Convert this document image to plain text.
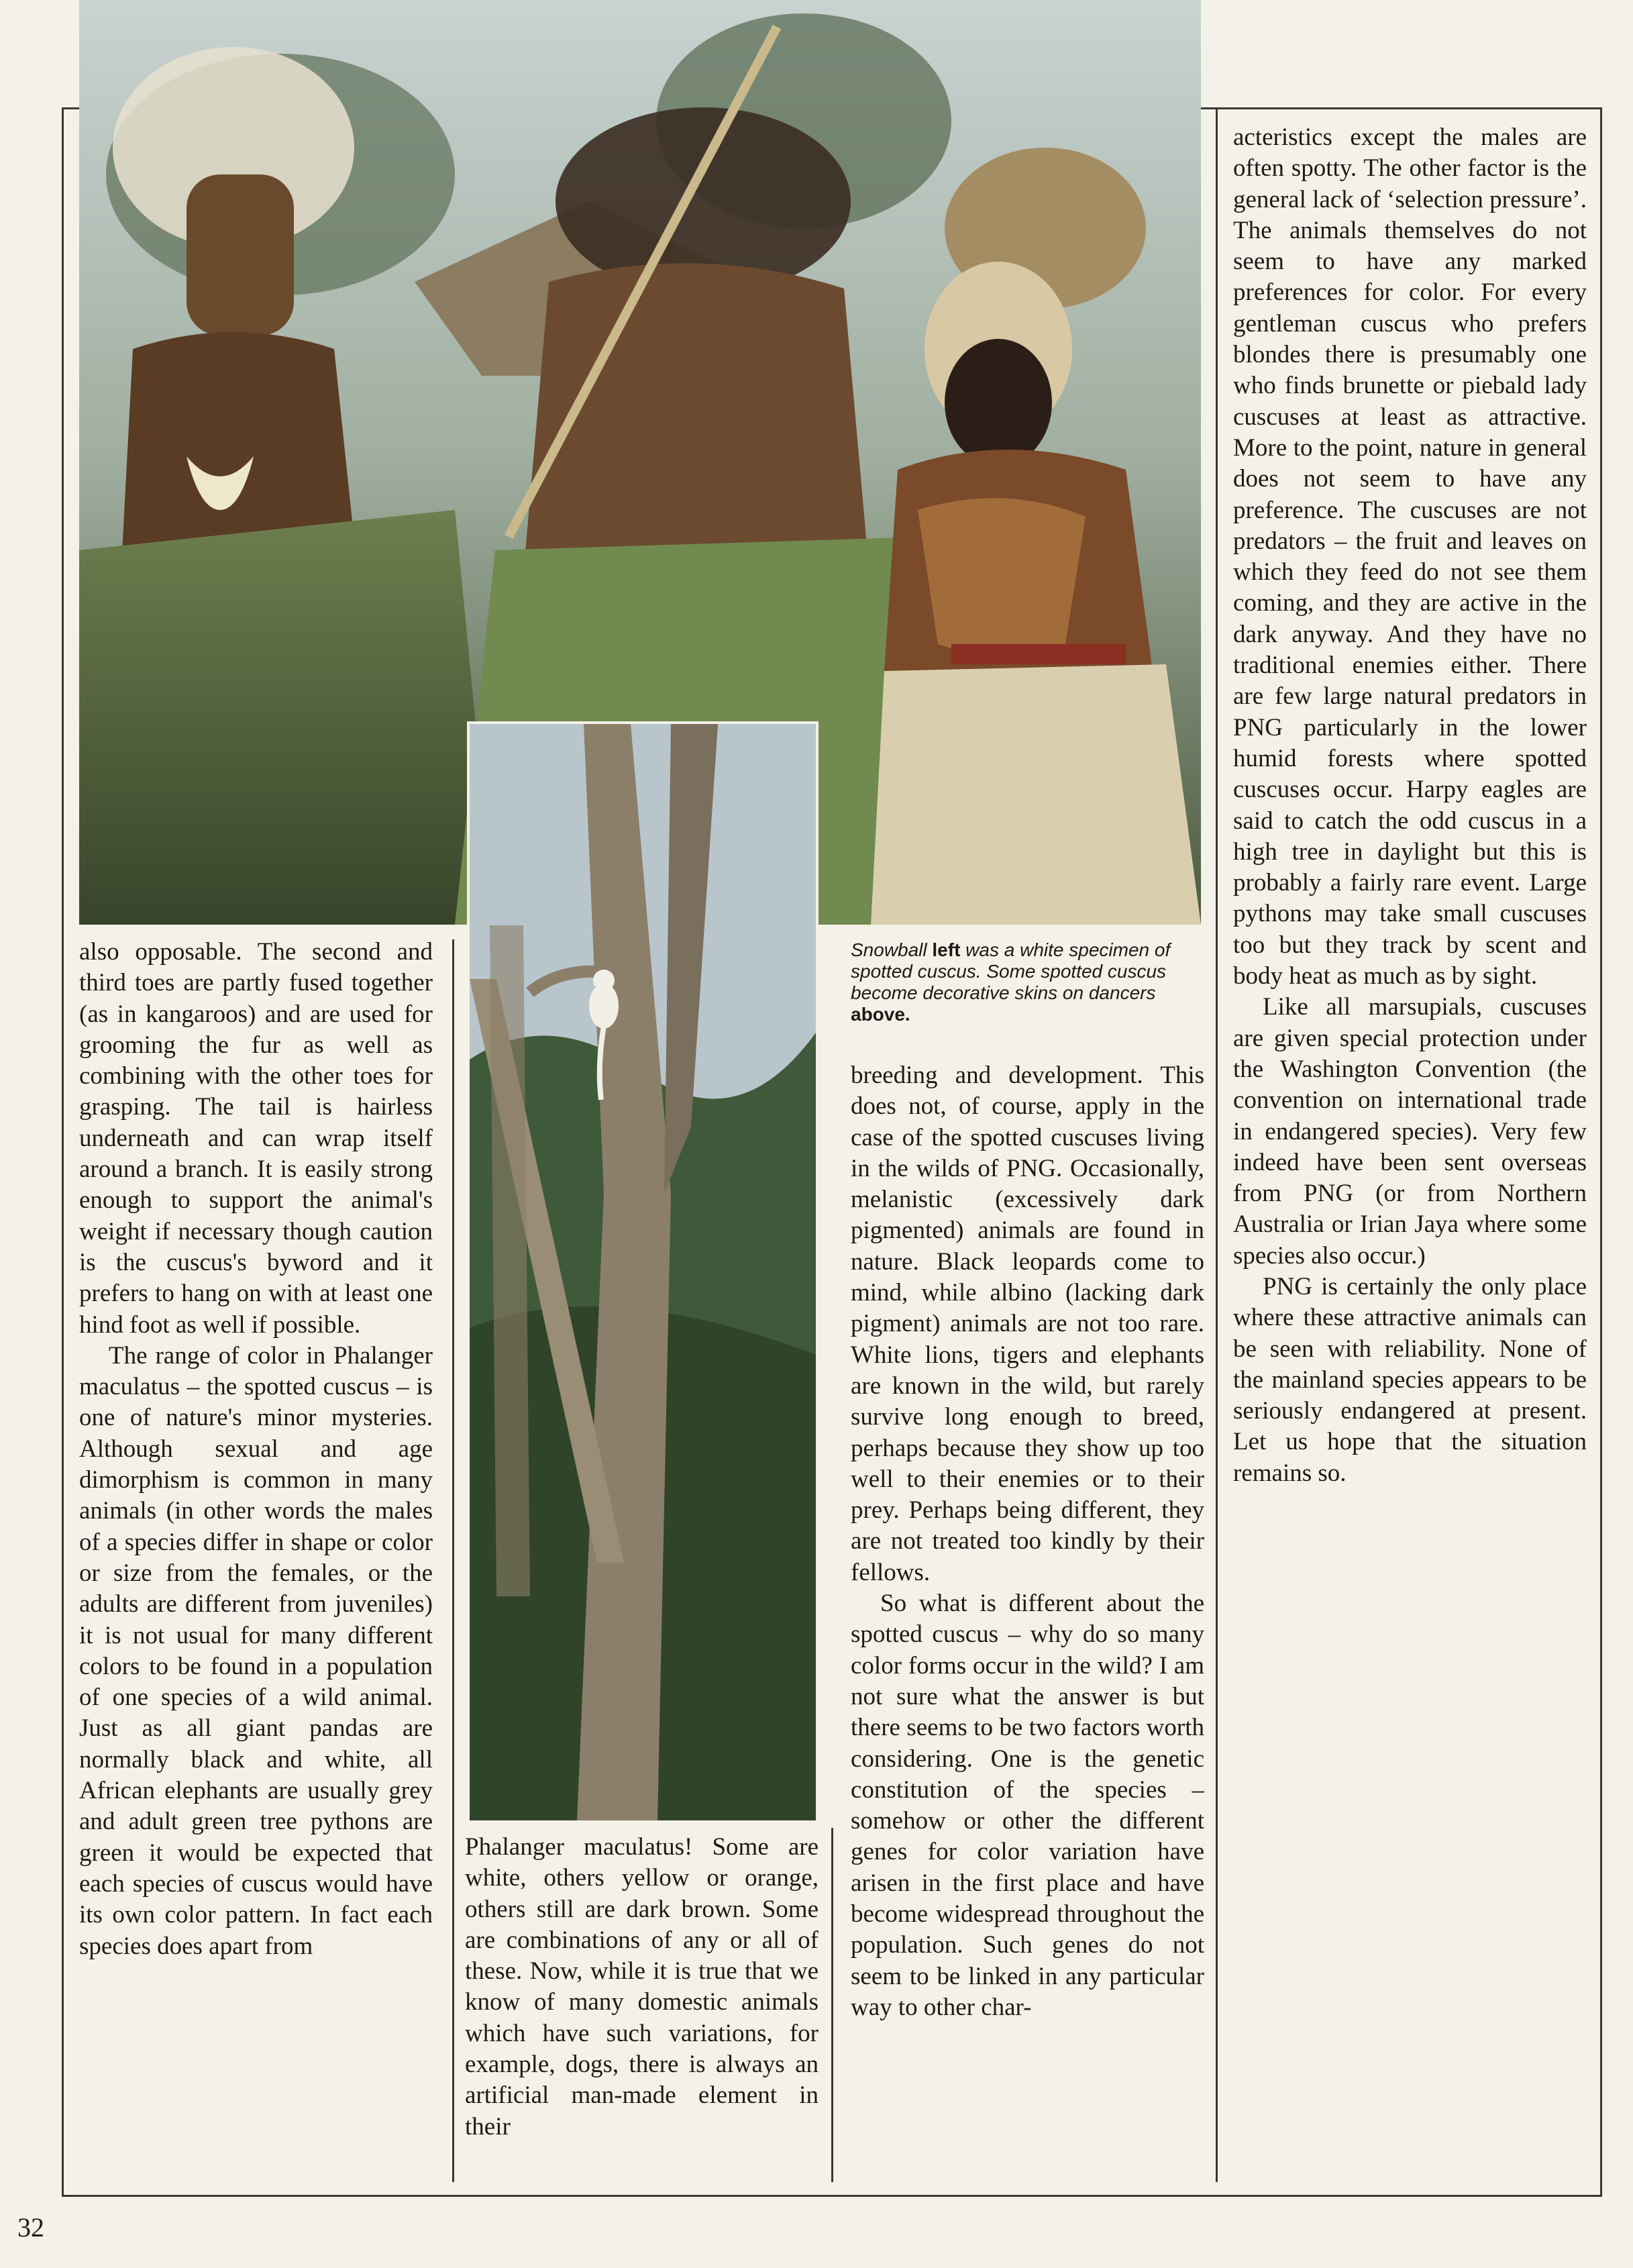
also opposable. The second and third toes are partly fused together (as in kangaroos) and are used for grooming the fur as well as combining with the other toes for grasping. The tail is hairless underneath and can wrap itself around a branch. It is easily strong enough to support the animal's weight if necessary though caution is the cuscus's byword and it prefers to hang on with at least one hind foot as well if possible.

The range of color in Phalanger maculatus – the spotted cuscus – is one of nature's minor mysteries. Although sexual and age dimorphism is common in many animals (in other words the males of a species differ in shape or color or size from the females, or the adults are different from juveniles) it is not usual for many different colors to be found in a population of one species of a wild animal. Just as all giant pandas are normally black and white, all African elephants are usually grey and adult green tree pythons are green it would be expected that each species of cuscus would have its own color pattern. In fact each species does apart from

Phalanger maculatus! Some are white, others yellow or orange, others still are dark brown. Some are combinations of any or all of these. Now, while it is true that we know of many domestic animals which have such variations, for example, dogs, there is always an artificial man-made element in their

Snowball left was a white specimen of spotted cuscus. Some spotted cuscus become decorative skins on dancers above.

breeding and development. This does not, of course, apply in the case of the spotted cuscuses living in the wilds of PNG. Occasionally, melanistic (excessively dark pigmented) animals are found in nature. Black leopards come to mind, while albino (lacking dark pigment) animals are not too rare. White lions, tigers and elephants are known in the wild, but rarely survive long enough to breed, perhaps because they show up too well to their enemies or to their prey. Perhaps being different, they are not treated too kindly by their fellows.

So what is different about the spotted cuscus – why do so many color forms occur in the wild? I am not sure what the answer is but there seems to be two factors worth considering. One is the genetic constitution of the species – somehow or other the different genes for color variation have arisen in the first place and have become widespread throughout the population. Such genes do not seem to be linked in any particular way to other char-

acteristics except the males are often spotty. The other factor is the general lack of ‘selection pressure’. The animals themselves do not seem to have any marked preferences for color. For every gentleman cuscus who prefers blondes there is presumably one who finds brunette or piebald lady cuscuses at least as attractive. More to the point, nature in general does not seem to have any preference. The cuscuses are not predators – the fruit and leaves on which they feed do not see them coming, and they are active in the dark anyway. And they have no traditional enemies either. There are few large natural predators in PNG particularly in the lower humid forests where spotted cuscuses occur. Harpy eagles are said to catch the odd cuscus in a high tree in daylight but this is probably a fairly rare event. Large pythons may take small cuscuses too but they track by scent and body heat as much as by sight.

Like all marsupials, cuscuses are given special protection under the Washington Convention (the convention on international trade in endangered species). Very few indeed have been sent overseas from PNG (or from Northern Australia or Irian Jaya where some species also occur.)

PNG is certainly the only place where these attractive animals can be seen with reliability. None of the mainland species appears to be seriously endangered at present. Let us hope that the situation remains so.

32
